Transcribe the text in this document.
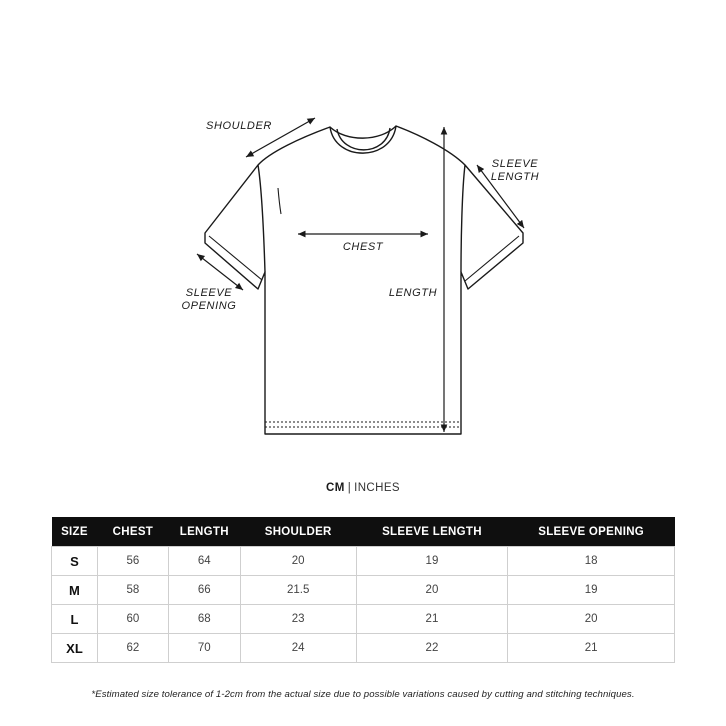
SHOULDER
SLEEVE
LENGTH
CHEST
LENGTH
SLEEVE
OPENING
CM | INCHES
SIZE	CHEST	LENGTH	SHOULDER	SLEEVE LENGTH	SLEEVE OPENING
S	56	64	20	19	18
M	58	66	21.5	20	19
L	60	68	23	21	20
XL	62	70	24	22	21
*Estimated size tolerance of 1-2cm from the actual size due to possible variations caused by cutting and stitching techniques.
